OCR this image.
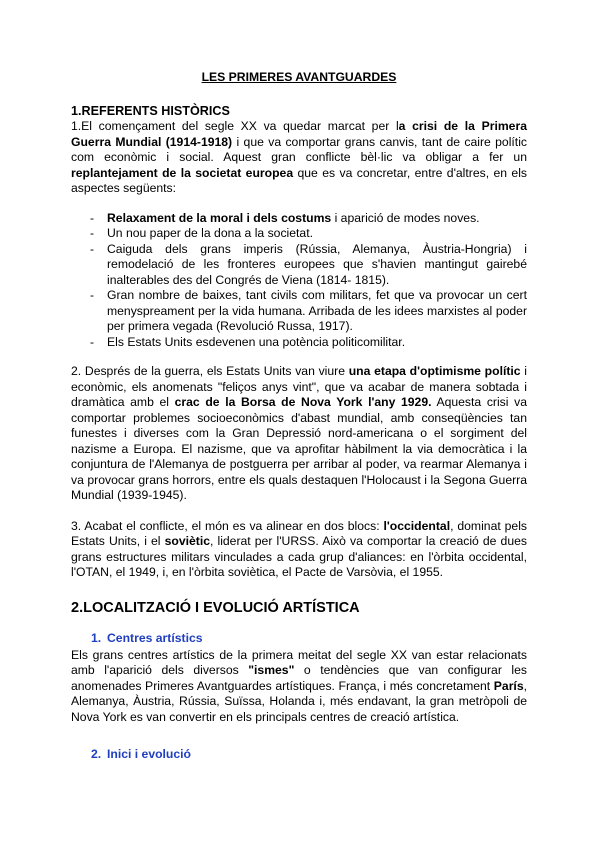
LES PRIMERES AVANTGUARDES
1.REFERENTS HISTÒRICS

1.El començament del segle XX va quedar marcat per la crisi de la Primera Guerra Mundial (1914-1918) i que va comportar grans canvis, tant de caire polític com econòmic i social. Aquest gran conflicte bèl·lic va obligar a fer un replantejament de la societat europea que es va concretar, entre d'altres, en els aspectes següents:

- Relaxament de la moral i dels costums i aparició de modes noves.
- Un nou paper de la dona a la societat.
- Caiguda dels grans imperis (Rússia, Alemanya, Àustria-Hongria) i remodelació de les fronteres europees que s'havien mantingut gairebé inalterables des del Congrés de Viena (1814- 1815).
- Gran nombre de baixes, tant civils com militars, fet que va provocar un cert menyspreament per la vida humana. Arribada de les idees marxistes al poder per primera vegada (Revolució Russa, 1917).
- Els Estats Units esdevenen una potència politicomilitar.

2. Després de la guerra, els Estats Units van viure una etapa d'optimisme polític i econòmic, els anomenats "feliços anys vint", que va acabar de manera sobtada i dramàtica amb el crac de la Borsa de Nova York l'any 1929. Aquesta crisi va comportar problemes socioeconòmics d'abast mundial, amb conseqüències tan funestes i diverses com la Gran Depressió nord-americana o el sorgiment del nazisme a Europa. El nazisme, que va aprofitar hàbilment la via democràtica i la conjuntura de l'Alemanya de postguerra per arribar al poder, va rearmar Alemanya i va provocar grans horrors, entre els quals destaquen l'Holocaust i la Segona Guerra Mundial (1939-1945).

3. Acabat el conflicte, el món es va alinear en dos blocs: l'occidental, dominat pels Estats Units, i el soviètic, liderat per l'URSS. Això va comportar la creació de dues grans estructures militars vinculades a cada grup d'aliances: en l'òrbita occidental, l'OTAN, el 1949, i, en l'òrbita soviètica, el Pacte de Varsòvia, el 1955.

2.LOCALITZACIÓ I EVOLUCIÓ ARTÍSTICA
1. Centres artístics

Els grans centres artístics de la primera meitat del segle XX van estar relacionats amb l'aparició dels diversos "ismes" o tendències que van configurar les anomenades Primeres Avantguardes artístiques. França, i més concretament París, Alemanya, Àustria, Rússia, Suïssa, Holanda i, més endavant, la gran metròpoli de Nova York es van convertir en els principals centres de creació artística.

2. Inici i evolució
